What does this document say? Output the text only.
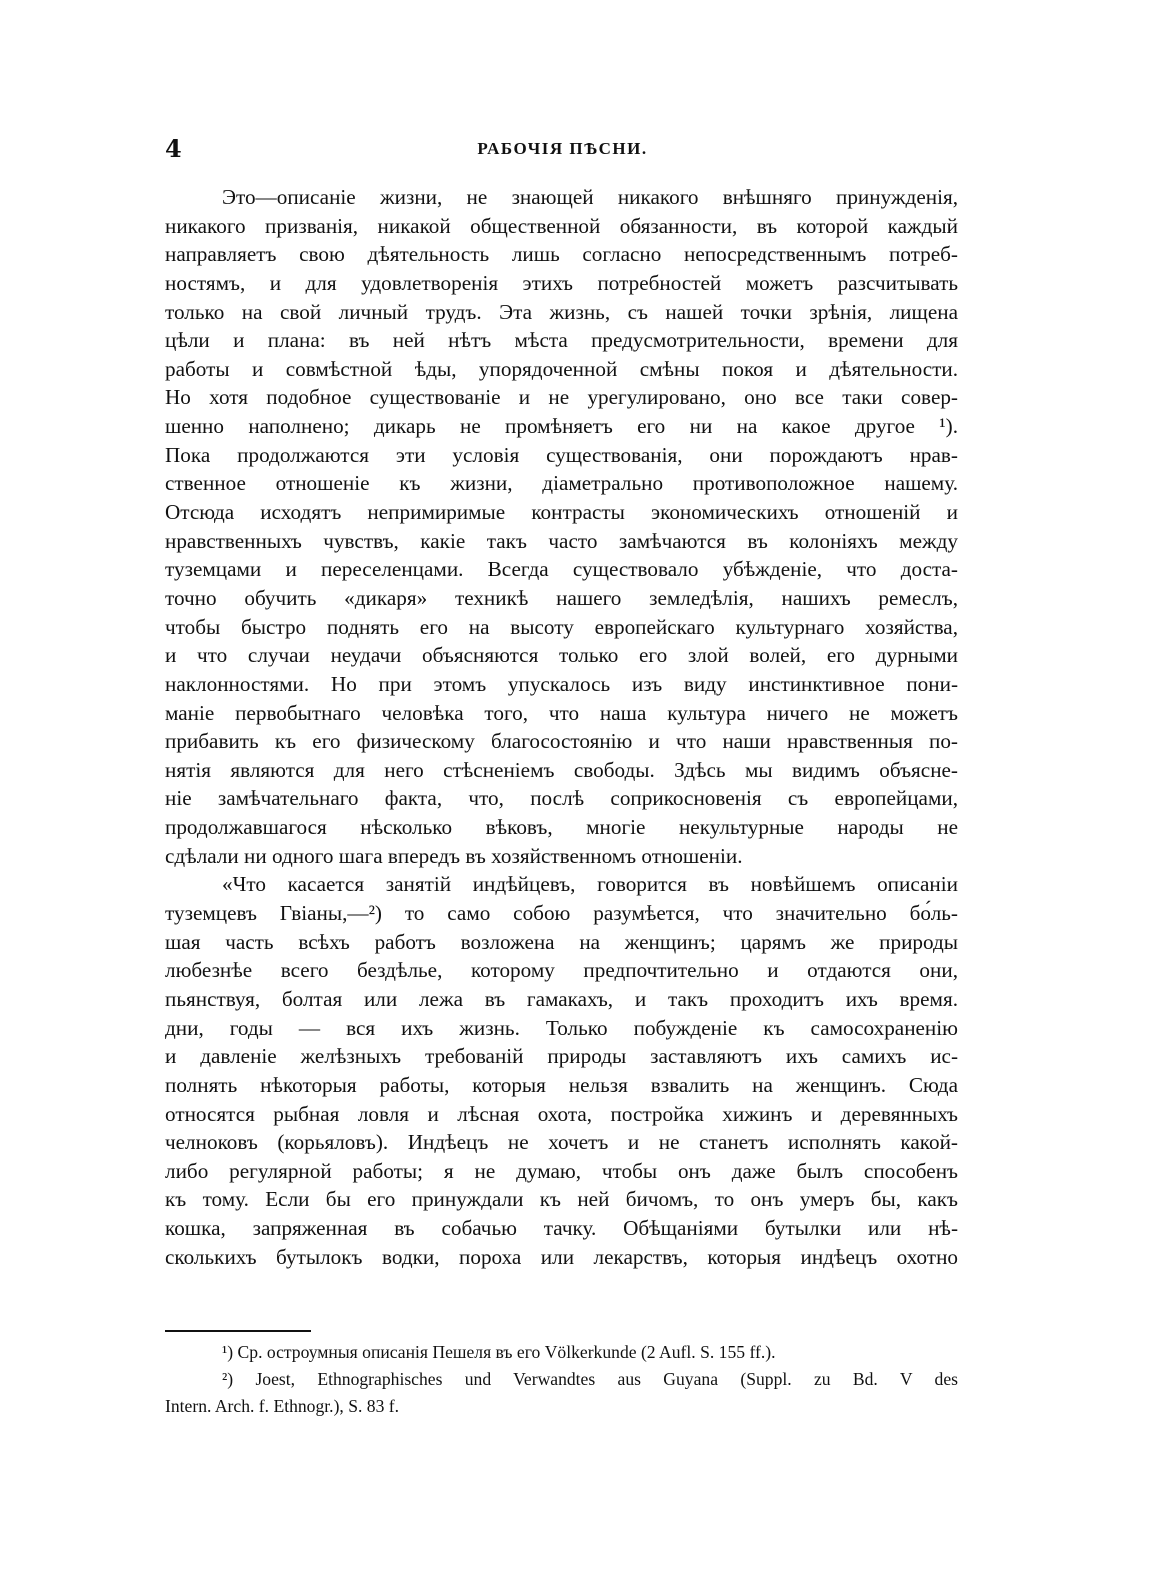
4	РАБОЧІЯ ПѢСНИ.
Это—описаніе жизни, не знающей никакого внѣшняго принужденія,
никакого призванія, никакой общественной обязанности, въ которой каждый
направляетъ свою дѣятельность лишь согласно непосредственнымъ потреб-
ностямъ, и для удовлетворенія этихъ потребностей можетъ разсчитывать
только на свой личный трудъ. Эта жизнь, съ нашей точки зрѣнія, лищена
цѣли и плана: въ ней нѣтъ мѣста предусмотрительности, времени для
работы и совмѣстной ѣды, упорядоченной смѣны покоя и дѣятельности.
Но хотя подобное существованіе и не урегулировано, оно все таки совер-
шенно наполнено; дикарь не промѣняетъ его ни на какое другое ¹).
Пока продолжаются эти условія существованія, они порождаютъ нрав-
ственное отношеніе къ жизни, діаметрально противоположное нашему.
Отсюда исходятъ непримиримые контрасты экономическихъ отношеній и
нравственныхъ чувствъ, какіе такъ часто замѣчаются въ колоніяхъ между
туземцами и переселенцами. Всегда существовало убѣжденіе, что доста-
точно обучить «дикаря» техникѣ нашего земледѣлія, нашихъ ремеслъ,
чтобы быстро поднять его на высоту европейскаго культурнаго хозяйства,
и что случаи неудачи объясняются только его злой волей, его дурными
наклонностями. Но при этомъ упускалось изъ виду инстинктивное пони-
маніе первобытнаго человѣка того, что наша культура ничего не можетъ
прибавить къ его физическому благосостоянію и что наши нравственныя по-
нятія являются для него стѣсненіемъ свободы. Здѣсь мы видимъ объясне-
ніе замѣчательнаго факта, что, послѣ соприкосновенія съ европейцами,
продолжавшагося нѣсколько вѣковъ, многіе некультурные народы не
сдѣлали ни одного шага впередъ въ хозяйственномъ отношеніи.
«Что касается занятій индѣйцевъ, говорится въ новѣйшемъ описаніи
туземцевъ Гвіаны,—²) то само собою разумѣется, что значительно бо́ль-
шая часть всѣхъ работъ возложена на женщинъ; царямъ же природы
любезнѣе всего бездѣлье, которому предпочтительно и отдаются они,
пьянствуя, болтая или лежа въ гамакахъ, и такъ проходитъ ихъ время.
дни, годы — вся ихъ жизнь. Только побужденіе къ самосохраненію
и давленіе желѣзныхъ требованій природы заставляютъ ихъ самихъ ис-
полнять нѣкоторыя работы, которыя нельзя взвалить на женщинъ. Сюда
относятся рыбная ловля и лѣсная охота, постройка хижинъ и деревянныхъ
челноковъ (корьяловъ). Индѣецъ не хочетъ и не станетъ исполнять какой-
либо регулярной работы; я не думаю, чтобы онъ даже былъ способенъ
къ тому. Если бы его принуждали къ ней бичомъ, то онъ умеръ бы, какъ
кошка, запряженная въ собачью тачку. Обѣщаніями бутылки или нѣ-
сколькихъ бутылокъ водки, пороха или лекарствъ, которыя индѣецъ охотно
¹) Ср. остроумныя описанія Пешеля въ его Völkerkunde (2 Aufl. S. 155 ff.).
²) Joest, Ethnographisches und Verwandtes aus Guyana (Suppl. zu Bd. V des
Intern. Arch. f. Ethnogr.), S. 83 f.
